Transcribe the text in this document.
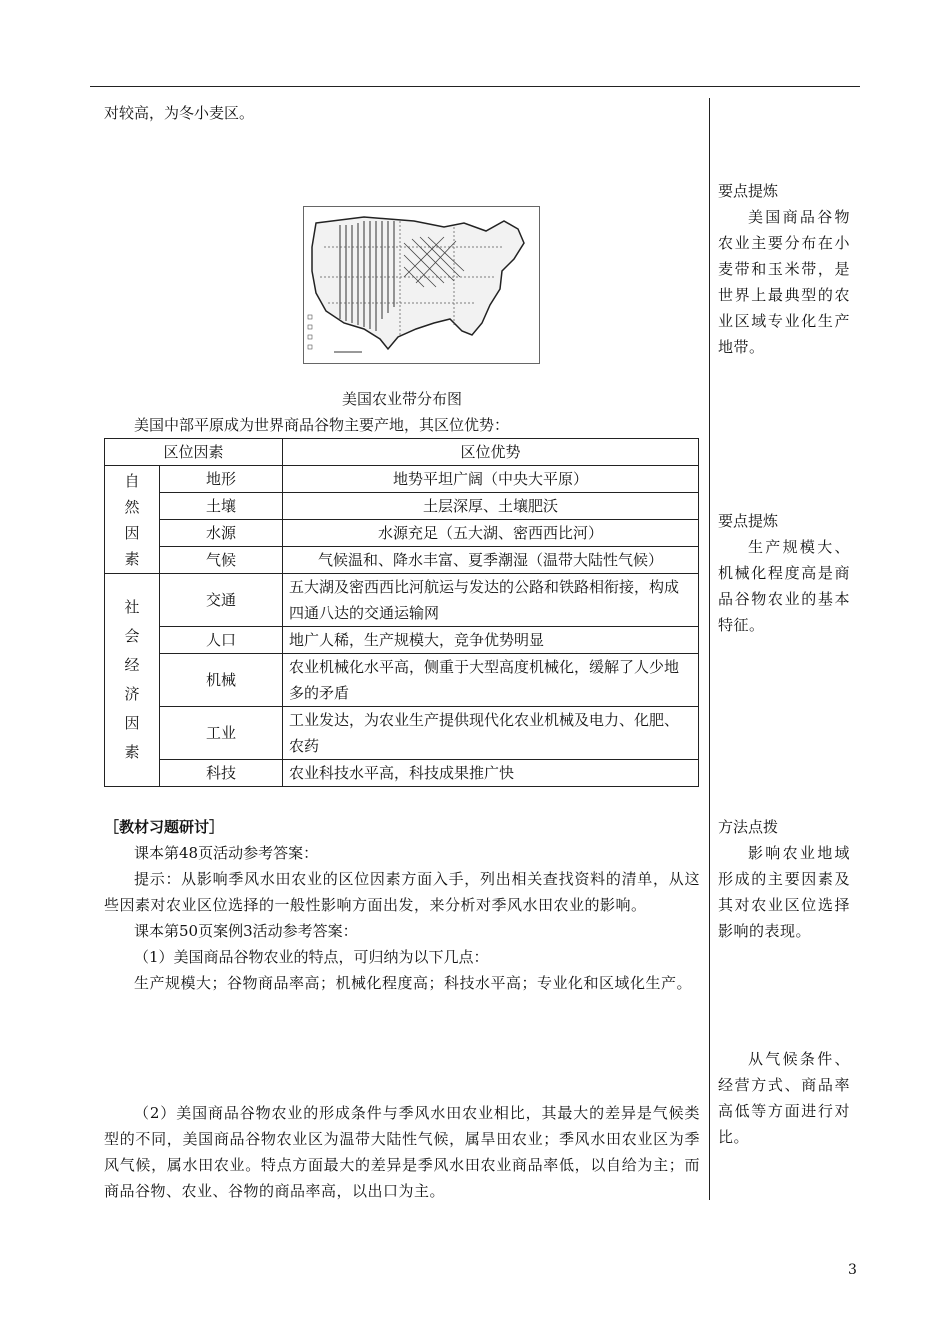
对较高，为冬小麦区。

美国农业带分布图

美国中部平原成为世界商品谷物主要产地，其区位优势：

区位因素		区位优势
自然因素	地形	地势平坦广阔（中央大平原）
	土壤	土层深厚、土壤肥沃
	水源	水源充足（五大湖、密西西比河）
	气候	气候温和、降水丰富、夏季潮湿（温带大陆性气候）
社会经济因素	交通	五大湖及密西西比河航运与发达的公路和铁路相衔接，构成四通八达的交通运输网
	人口	地广人稀，生产规模大，竞争优势明显
	机械	农业机械化水平高，侧重于大型高度机械化，缓解了人少地多的矛盾
	工业	工业发达，为农业生产提供现代化农业机械及电力、化肥、农药
	科技	农业科技水平高，科技成果推广快

［教材习题研讨］

课本第48页活动参考答案：

提示：从影响季风水田农业的区位因素方面入手，列出相关查找资料的清单，从这些因素对农业区位选择的一般性影响方面出发，来分析对季风水田农业的影响。

课本第50页案例3活动参考答案：

（1）美国商品谷物农业的特点，可归纳为以下几点：

生产规模大；谷物商品率高；机械化程度高；科技水平高；专业化和区域化生产。

（2）美国商品谷物农业的形成条件与季风水田农业相比，其最大的差异是气候类型的不同，美国商品谷物农业区为温带大陆性气候，属旱田农业；季风水田农业区为季风气候，属水田农业。特点方面最大的差异是季风水田农业商品率低，以自给为主；而商品谷物、农业、谷物的商品率高，以出口为主。

要点提炼

美国商品谷物农业主要分布在小麦带和玉米带，是世界上最典型的农业区域专业化生产地带。

要点提炼

生产规模大、机械化程度高是商品谷物农业的基本特征。

方法点拨

影响农业地域形成的主要因素及其对农业区位选择影响的表现。

从气候条件、经营方式、商品率高低等方面进行对比。

3
